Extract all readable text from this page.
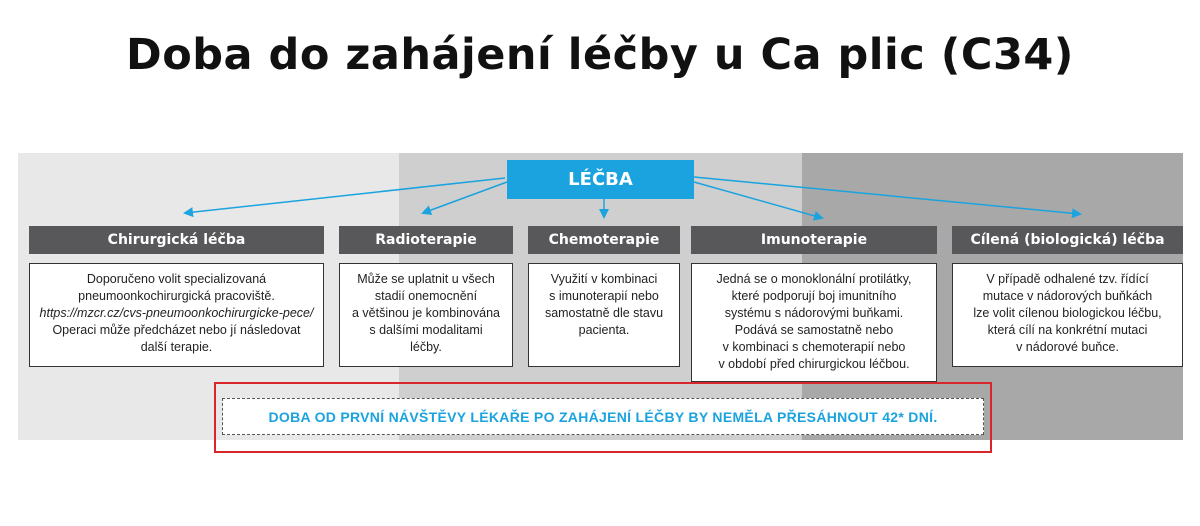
Doba do zahájení léčby u Ca plic (C34)
LÉČBA
Chirurgická léčba	Radioterapie	Chemoterapie	Imunoterapie	Cílená (biologická) léčba
Doporučeno volit specializovaná
pneumoonkochirurgická pracoviště.
https://mzcr.cz/cvs-pneumoonkochirurgicke-pece/
Operaci může předcházet nebo jí následovat
další terapie.
Může se uplatnit u všech
stadií onemocnění
a většinou je kombinována
s dalšími modalitami
léčby.
Využití v kombinaci
s imunoterapií nebo
samostatně dle stavu
pacienta.
Jedná se o monoklonální protilátky,
které podporují boj imunitního
systému s nádorovými buňkami.
Podává se samostatně nebo
v kombinaci s chemoterapií nebo
v období před chirurgickou léčbou.
V případě odhalené tzv. řídící
mutace v nádorových buňkách
lze volit cílenou biologickou léčbu,
která cílí na konkrétní mutaci
v nádorové buňce.
DOBA OD PRVNÍ NÁVŠTĚVY LÉKAŘE PO ZAHÁJENÍ LÉČBY BY NEMĚLA PŘESÁHNOUT 42* DNÍ.
